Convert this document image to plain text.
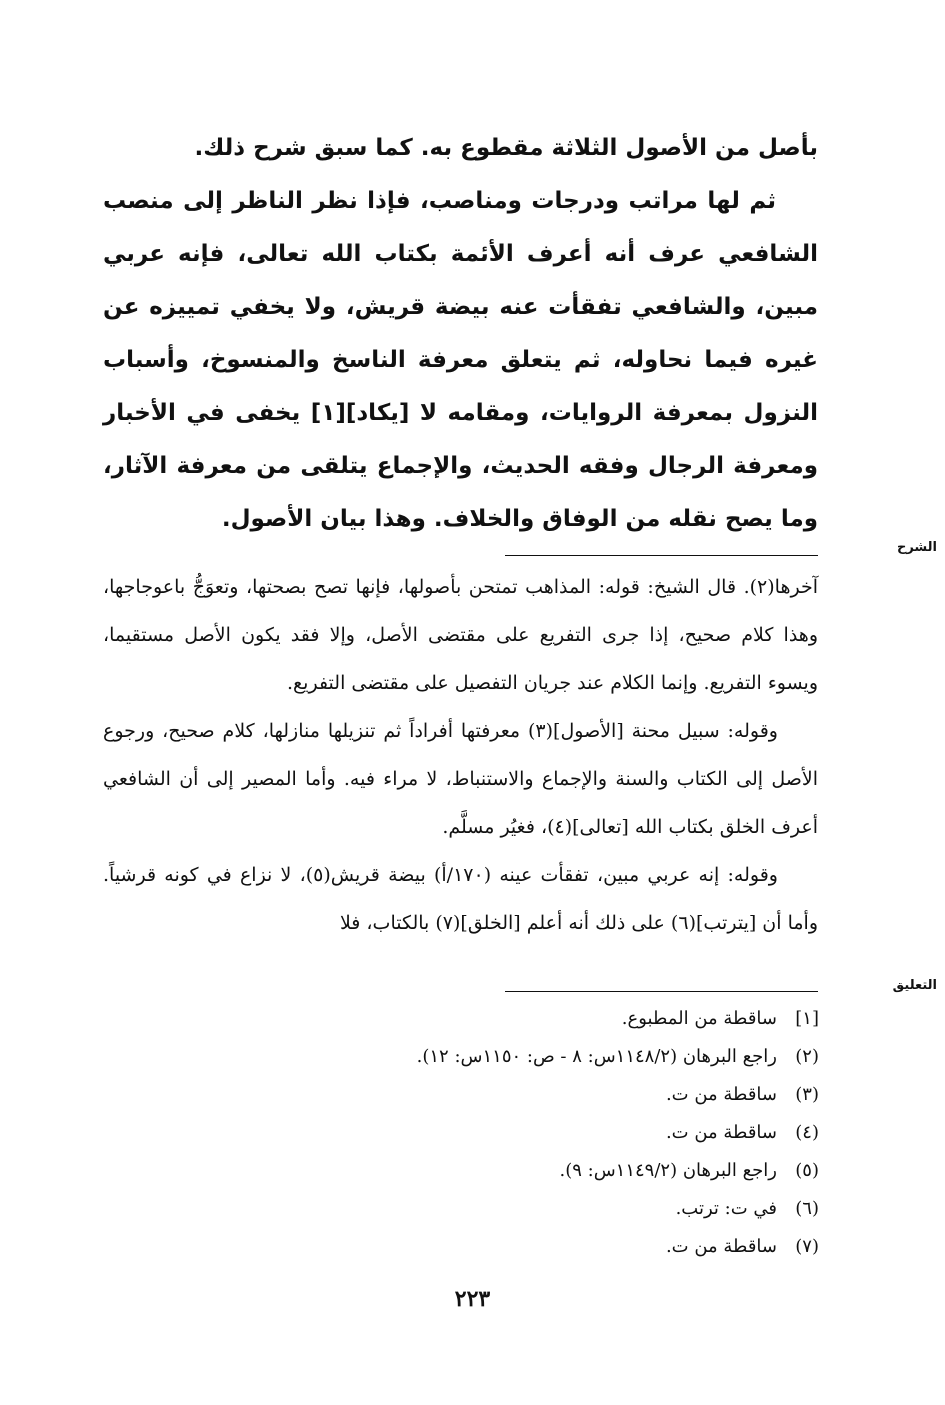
بأصل من الأصول الثلاثة مقطوع به. كما سبق شرح ذلك.

ثم لها مراتب ودرجات ومناصب، فإذا نظر الناظر إلى منصب الشافعي عرف أنه أعرف الأئمة بكتاب الله تعالى، فإنه عربي مبين، والشافعي تفقأت عنه بيضة قريش، ولا يخفي تمييزه عن غيره فيما نحاوله، ثم يتعلق معرفة الناسخ والمنسوخ، وأسباب النزول بمعرفة الروايات، ومقامه لا [يكاد][١] يخفى في الأخبار ومعرفة الرجال وفقه الحديث، والإجماع يتلقى من معرفة الآثار، وما يصح نقله من الوفاق والخلاف. وهذا بيان الأصول.

الشرح

آخرها(٢). قال الشيخ: قوله: المذاهب تمتحن بأصولها، فإنها تصح بصحتها، وتعوَجُّ باعوجاجها، وهذا كلام صحيح، إذا جرى التفريع على مقتضى الأصل، وإلا فقد يكون الأصل مستقيما، ويسوء التفريع. وإنما الكلام عند جريان التفصيل على مقتضى التفريع.

وقوله: سبيل محنة [الأصول](٣) معرفتها أفراداً ثم تنزيلها منازلها، كلام صحيح، ورجوع الأصل إلى الكتاب والسنة والإجماع والاستنباط، لا مراء فيه. وأما المصير إلى أن الشافعي أعرف الخلق بكتاب الله [تعالى](٤)، فغيُر مسلَّم.

وقوله: إنه عربي مبين، تفقأت عينه (١٧٠/أ) بيضة قريش(٥)، لا نزاع في كونه قرشياً. وأما أن [يترتب](٦) على ذلك أنه أعلم [الخلق](٧) بالكتاب، فلا

التعليق
[١]ساقطة من المطبوع.
(٢)راجع البرهان (١١٤٨/٢س: ٨ - ص: ١١٥٠س: ١٢).
(٣)ساقطة من ت.
(٤)ساقطة من ت.
(٥)راجع البرهان (١١٤٩/٢س: ٩).
(٦)في ت: ترتب.
(٧)ساقطة من ت.
٢٢٣
